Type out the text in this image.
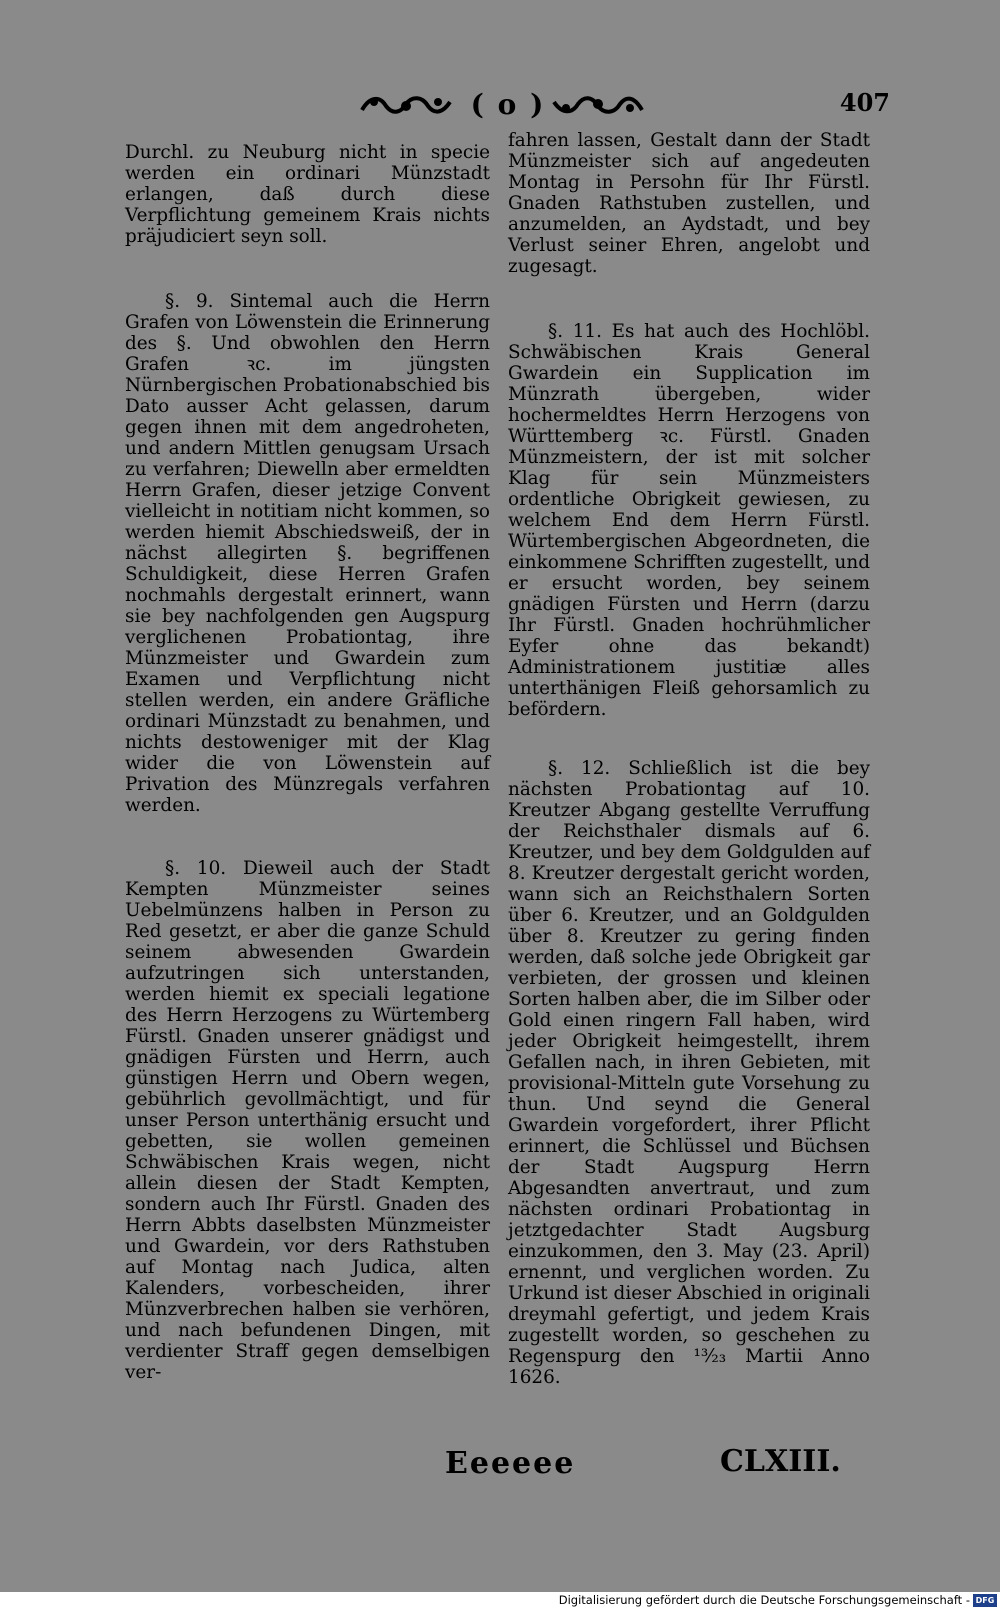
( o )	407

Durchl. zu Neuburg nicht in specie werden ein ordinari Münzstadt erlangen, daß durch diese Verpflichtung gemeinem Krais nichts präjudiciert seyn soll.

§. 9. Sintemal auch die Herrn Grafen von Löwenstein die Erinnerung des §. Und obwohlen den Herrn Grafen ꝛc. im jüngsten Nürnbergischen Probationabschied bis Dato ausser Acht gelassen, darum gegen ihnen mit dem angedroheten, und andern Mittlen genugsam Ursach zu verfahren; Diewelln aber ermeldten Herrn Grafen, dieser jetzige Convent vielleicht in notitiam nicht kommen, so werden hiemit Abschiedsweiß, der in nächst allegirten §. begriffenen Schuldigkeit, diese Herren Grafen nochmahls dergestalt erinnert, wann sie bey nachfolgenden gen Augspurg verglichenen Probationtag, ihre Münzmeister und Gwardein zum Examen und Verpflichtung nicht stellen werden, ein andere Gräfliche ordinari Münzstadt zu benahmen, und nichts destoweniger mit der Klag wider die von Löwenstein auf Privation des Münzregals verfahren werden.

§. 10. Dieweil auch der Stadt Kempten Münzmeister seines Uebelmünzens halben in Person zu Red gesetzt, er aber die ganze Schuld seinem abwesenden Gwardein aufzutringen sich unterstanden, werden hiemit ex speciali legatione des Herrn Herzogens zu Würtemberg Fürstl. Gnaden unserer gnädigst und gnädigen Fürsten und Herrn, auch günstigen Herrn und Obern wegen, gebührlich gevollmächtigt, und für unser Person unterthänig ersucht und gebetten, sie wollen gemeinen Schwäbischen Krais wegen, nicht allein diesen der Stadt Kempten, sondern auch Ihr Fürstl. Gnaden des Herrn Abbts daselbsten Münzmeister und Gwardein, vor ders Rathstuben auf Montag nach Judica, alten Kalenders, vorbescheiden, ihrer Münzverbrechen halben sie verhören, und nach befundenen Dingen, mit verdienter Straff gegen demselbigen ver-

fahren lassen, Gestalt dann der Stadt Münzmeister sich auf angedeuten Montag in Persohn für Ihr Fürstl. Gnaden Rathstuben zustellen, und anzumelden, an Aydstadt, und bey Verlust seiner Ehren, angelobt und zugesagt.

§. 11. Es hat auch des Hochlöbl. Schwäbischen Krais General Gwardein ein Supplication im Münzrath übergeben, wider hochermeldtes Herrn Herzogens von Württemberg ꝛc. Fürstl. Gnaden Münzmeistern, der ist mit solcher Klag für sein Münzmeisters ordentliche Obrigkeit gewiesen, zu welchem End dem Herrn Fürstl. Würtembergischen Abgeordneten, die einkommene Schrifften zugestellt, und er ersucht worden, bey seinem gnädigen Fürsten und Herrn (darzu Ihr Fürstl. Gnaden hochrühmlicher Eyfer ohne das bekandt) Administrationem justitiæ alles unterthänigen Fleiß gehorsamlich zu befördern.

§. 12. Schließlich ist die bey nächsten Probationtag auf 10. Kreutzer Abgang gestellte Verruffung der Reichsthaler dismals auf 6. Kreutzer, und bey dem Goldgulden auf 8. Kreutzer dergestalt gericht worden, wann sich an Reichsthalern Sorten über 6. Kreutzer, und an Goldgulden über 8. Kreutzer zu gering finden werden, daß solche jede Obrigkeit gar verbieten, der grossen und kleinen Sorten halben aber, die im Silber oder Gold einen ringern Fall haben, wird jeder Obrigkeit heimgestellt, ihrem Gefallen nach, in ihren Gebieten, mit provisional-Mitteln gute Vorsehung zu thun. Und seynd die General Gwardein vorgefordert, ihrer Pflicht erinnert, die Schlüssel und Büchsen der Stadt Augspurg Herrn Abgesandten anvertraut, und zum nächsten ordinari Probationtag in jetztgedachter Stadt Augsburg einzukommen, den 3. May (23. April) ernennt, und verglichen worden. Zu Urkund ist dieser Abschied in originali dreymahl gefertigt, und jedem Krais zugestellt worden, so geschehen zu Regenspurg den ¹³⁄₂₃ Martii Anno 1626.

Eeeeee	CLXIII.
Digitalisierung gefördert durch die Deutsche Forschungsgemeinschaft - DFG
